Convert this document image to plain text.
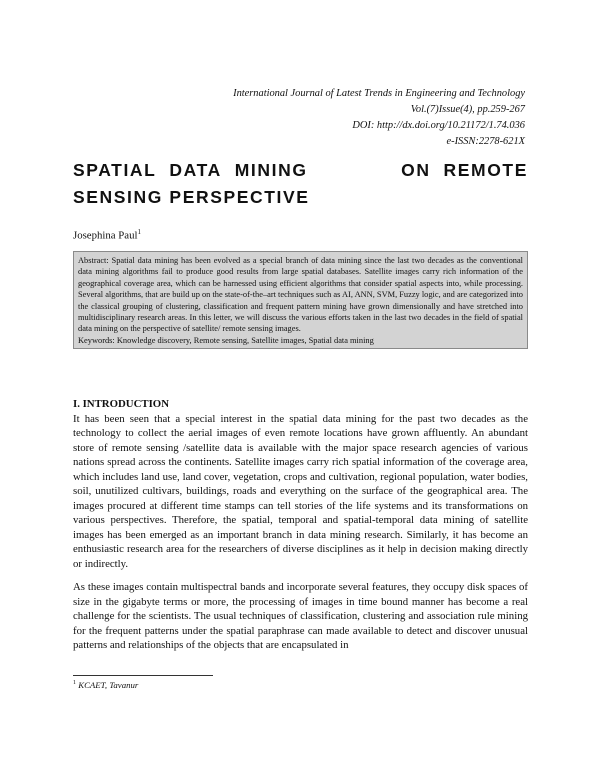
International Journal of Latest Trends in Engineering and Technology
Vol.(7)Issue(4), pp.259-267
DOI: http://dx.doi.org/10.21172/1.74.036
e-ISSN:2278-621X
SPATIAL DATA MINING	ON REMOTE
SENSING PERSPECTIVE
Josephina Paul$^1$
Abstract: Spatial data mining has been evolved as a special branch of data mining since the last two decades as the conventional data mining algorithms fail to produce good results from large spatial databases. Satellite images carry rich information of the geographical coverage area, which can be harnessed using efficient algorithms that consider spatial aspects into, while processing. Several algorithms, that are build up on the state-of-the–art techniques such as AI, ANN, SVM, Fuzzy logic, and are categorized into the classical grouping of clustering, classification and frequent pattern mining have grown dimensionally and have stretched into multidisciplinary research areas. In this letter, we will discuss the various efforts taken in the last two decades in the field of spatial data mining on the perspective of satellite/ remote sensing images.
Keywords: Knowledge discovery, Remote sensing, Satellite images, Spatial data mining
I. INTRODUCTION

It has been seen that a special interest in the spatial data mining for the past two decades as the technology to collect the aerial images of even remote locations have grown affluently. An abundant store of remote sensing /satellite data is available with the major space research agencies of various nations spread across the continents. Satellite images carry rich spatial information of the coverage area, which includes land use, land cover, vegetation, crops and cultivation, regional population, water bodies, soil, unutilized cultivars, buildings, roads and everything on the surface of the geographical area. The images procured at different time stamps can tell stories of the life systems and its transformations on various perspectives. Therefore, the spatial, temporal and spatial-temporal data mining of satellite images has been emerged as an important branch in data mining research. Similarly, it has become an enthusiastic research area for the researchers of diverse disciplines as it help in decision making directly or indirectly.

As these images contain multispectral bands and incorporate several features, they occupy disk spaces of size in the gigabyte terms or more, the processing of images in time bound manner has become a real challenge for the scientists. The usual techniques of classification, clustering and association rule mining for the frequent patterns under the spatial paraphrase can made available to detect and discover unusual patterns and relationships of the objects that are encapsulated in

$^1$ KCAET, Tavanur
